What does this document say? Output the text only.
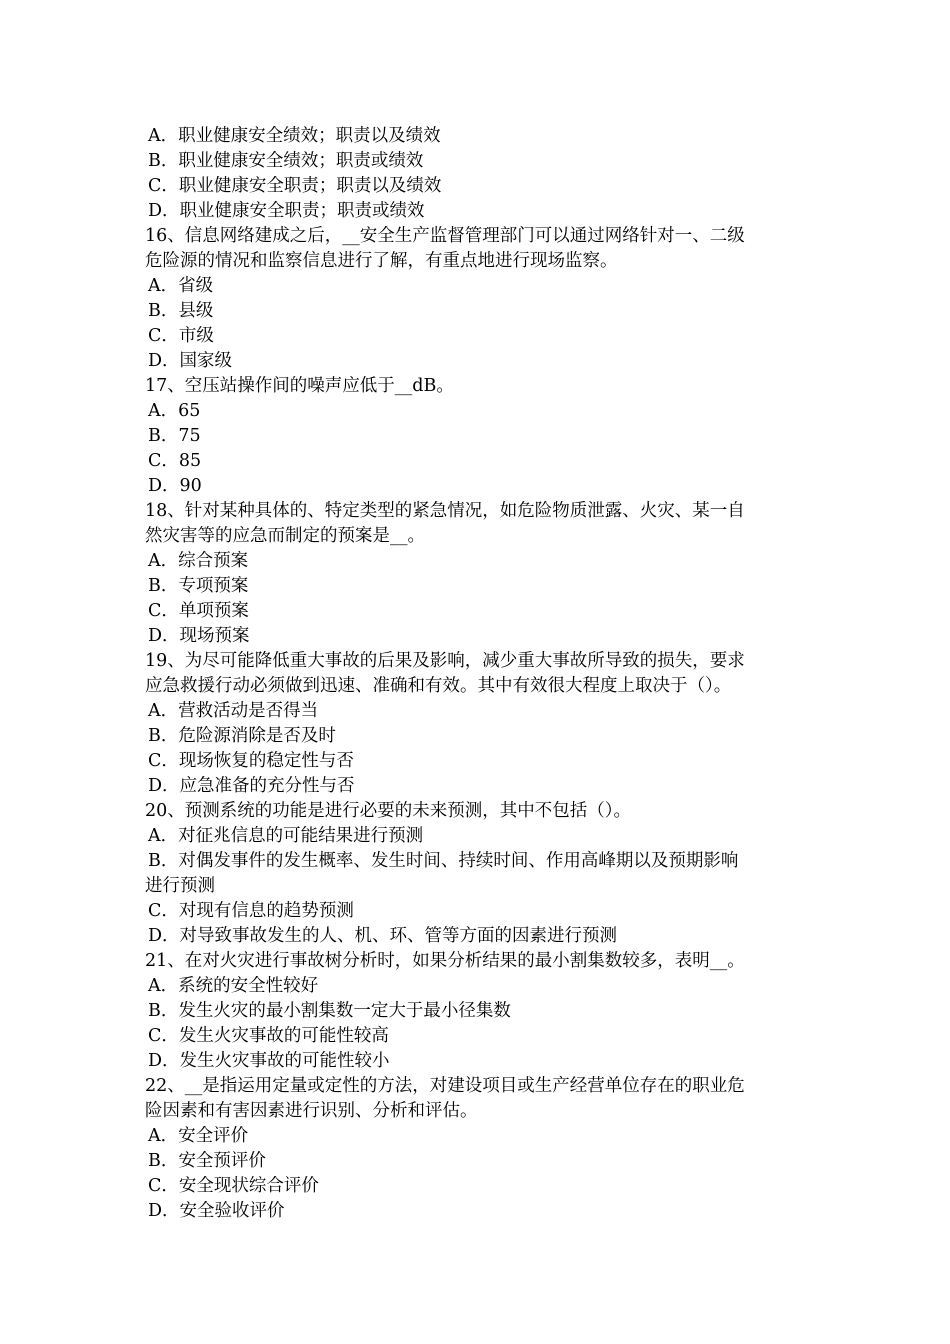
A．职业健康安全绩效；职责以及绩效
B．职业健康安全绩效；职责或绩效
C．职业健康安全职责；职责以及绩效
D．职业健康安全职责；职责或绩效
16、信息网络建成之后，__安全生产监督管理部门可以通过网络针对一、二级
危险源的情况和监察信息进行了解，有重点地进行现场监察。
A．省级
B．县级
C．市级
D．国家级
17、空压站操作间的噪声应低于__dB。
A．65
B．75
C．85
D．90
18、针对某种具体的、特定类型的紧急情况，如危险物质泄露、火灾、某一自
然灾害等的应急而制定的预案是__。
A．综合预案
B．专项预案
C．单项预案
D．现场预案
19、为尽可能降低重大事故的后果及影响，减少重大事故所导致的损失，要求
应急救援行动必须做到迅速、准确和有效。其中有效很大程度上取决于（）。
A．营救活动是否得当
B．危险源消除是否及时
C．现场恢复的稳定性与否
D．应急准备的充分性与否
20、预测系统的功能是进行必要的未来预测，其中不包括（）。
A．对征兆信息的可能结果进行预测
B．对偶发事件的发生概率、发生时间、持续时间、作用高峰期以及预期影响
进行预测
C．对现有信息的趋势预测
D．对导致事故发生的人、机、环、管等方面的因素进行预测
21、在对火灾进行事故树分析时，如果分析结果的最小割集数较多，表明__。
A．系统的安全性较好
B．发生火灾的最小割集数一定大于最小径集数
C．发生火灾事故的可能性较高
D．发生火灾事故的可能性较小
22、__是指运用定量或定性的方法，对建设项目或生产经营单位存在的职业危
险因素和有害因素进行识别、分析和评估。
A．安全评价
B．安全预评价
C．安全现状综合评价
D．安全验收评价
